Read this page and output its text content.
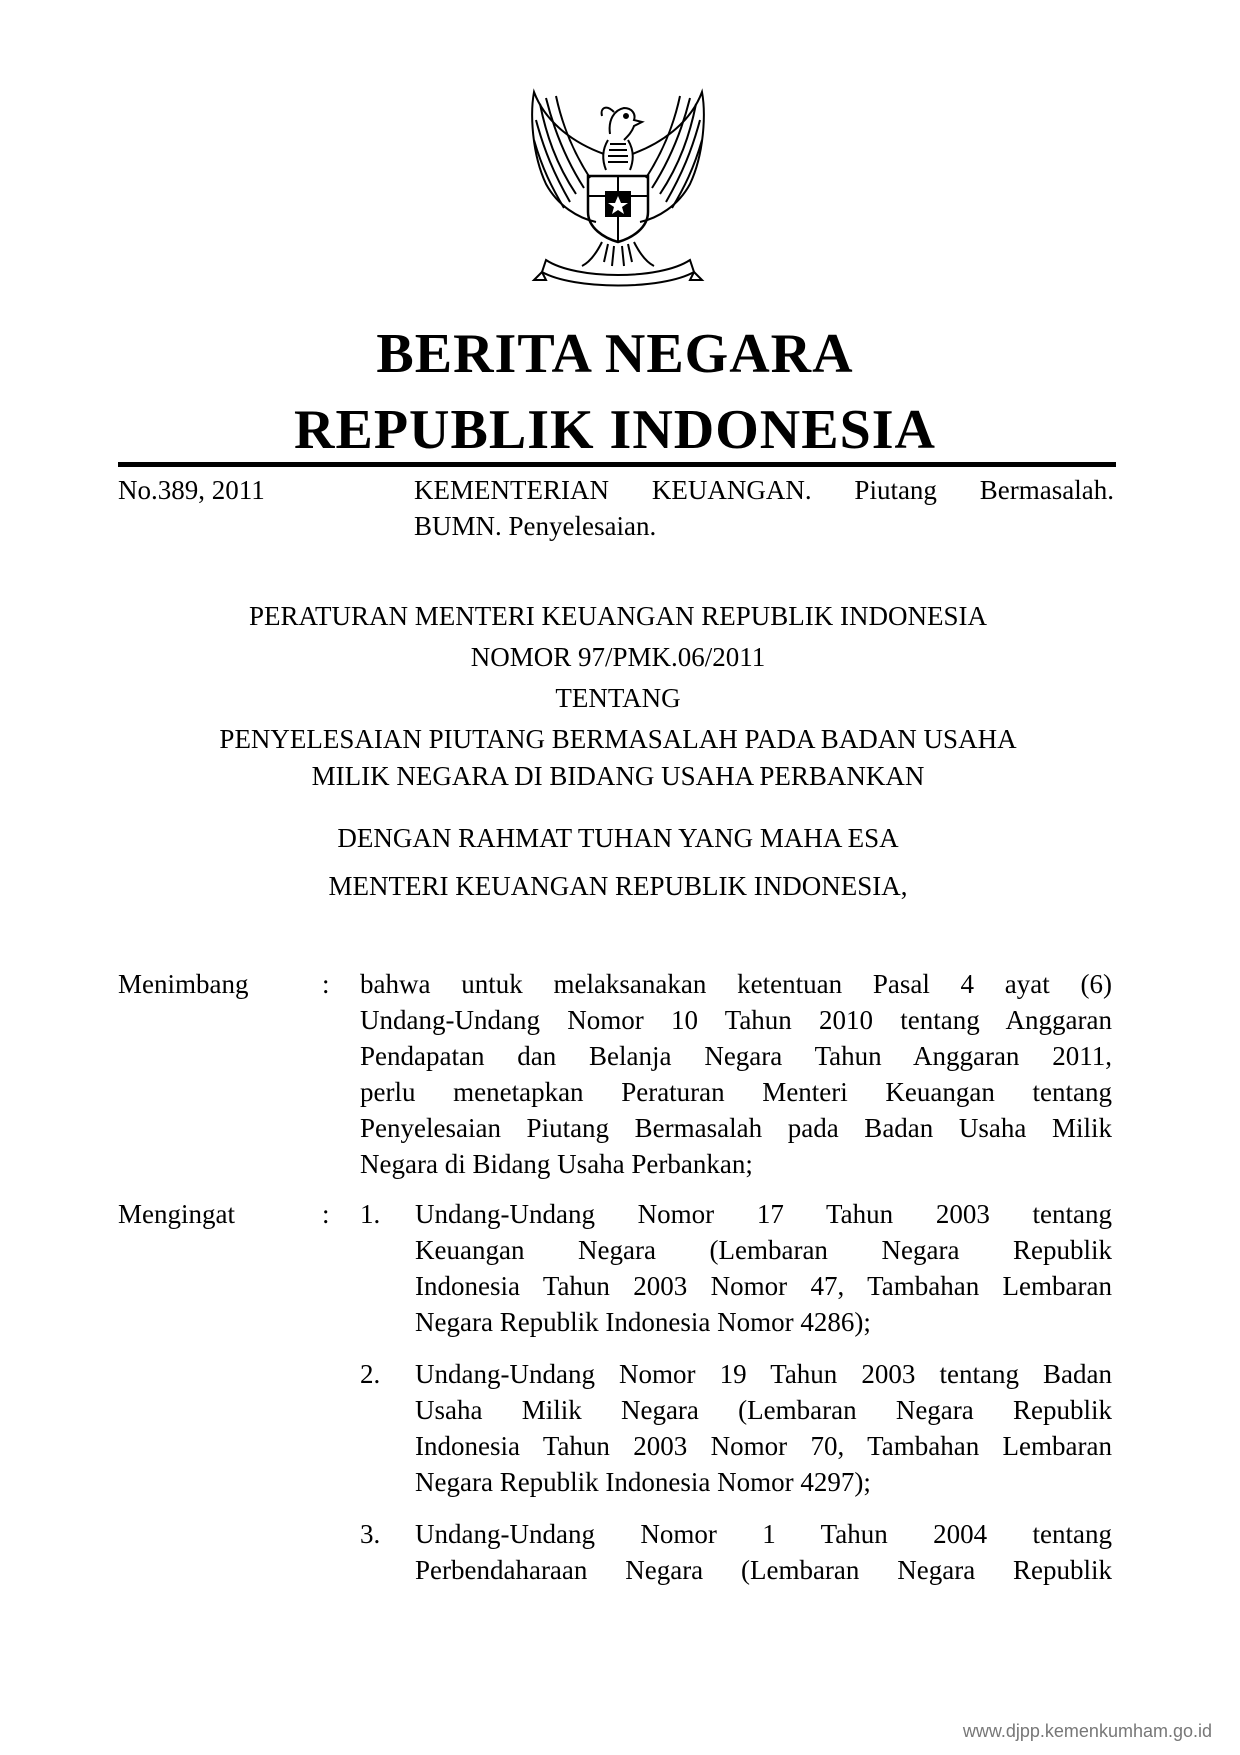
BERITA NEGARA
REPUBLIK INDONESIA
No.389, 2011	KEMENTERIAN KEUANGAN. Piutang Bermasalah.
BUMN. Penyelesaian.
PERATURAN MENTERI KEUANGAN REPUBLIK INDONESIA
NOMOR 97/PMK.06/2011
TENTANG
PENYELESAIAN PIUTANG BERMASALAH PADA BADAN USAHA
MILIK NEGARA DI BIDANG USAHA PERBANKAN
DENGAN RAHMAT TUHAN YANG MAHA ESA
MENTERI KEUANGAN REPUBLIK INDONESIA,
Menimbang	: bahwa untuk melaksanakan ketentuan Pasal 4 ayat (6)
Undang-Undang Nomor 10 Tahun 2010 tentang Anggaran
Pendapatan dan Belanja Negara Tahun Anggaran 2011,
perlu menetapkan Peraturan Menteri Keuangan tentang
Penyelesaian Piutang Bermasalah pada Badan Usaha Milik
Negara di Bidang Usaha Perbankan;
Mengingat	: 1. Undang-Undang Nomor 17 Tahun 2003 tentang
Keuangan Negara (Lembaran Negara Republik
Indonesia Tahun 2003 Nomor 47, Tambahan Lembaran
Negara Republik Indonesia Nomor 4286);
2. Undang-Undang Nomor 19 Tahun 2003 tentang Badan
Usaha Milik Negara (Lembaran Negara Republik
Indonesia Tahun 2003 Nomor 70, Tambahan Lembaran
Negara Republik Indonesia Nomor 4297);
3. Undang-Undang Nomor 1 Tahun 2004 tentang
Perbendaharaan Negara (Lembaran Negara Republik
www.djpp.kemenkumham.go.id
